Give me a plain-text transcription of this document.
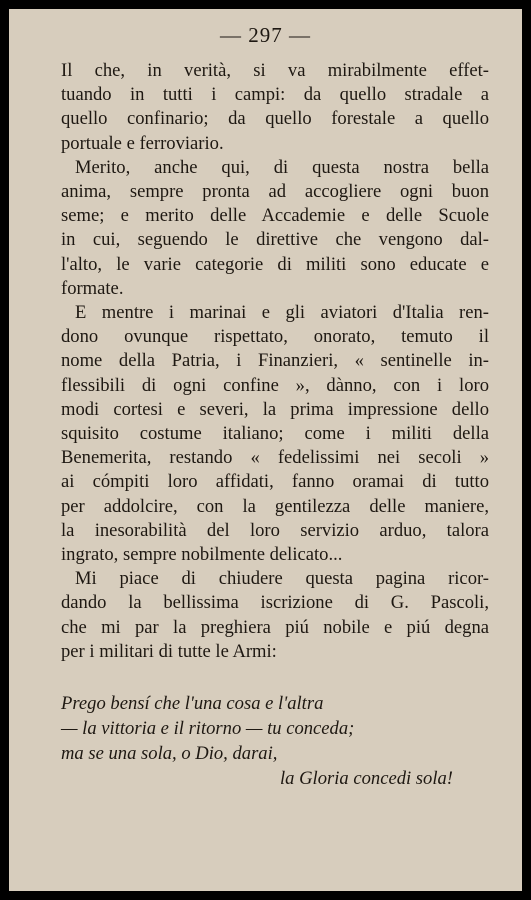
— 297 —
Il che, in verità, si va mirabilmente effet-
tuando in tutti i campi: da quello stradale a
quello confinario; da quello forestale a quello
portuale e ferroviario.
Merito, anche qui, di questa nostra bella
anima, sempre pronta ad accogliere ogni buon
seme; e merito delle Accademie e delle Scuole
in cui, seguendo le direttive che vengono dal-
l'alto, le varie categorie di militi sono educate e
formate.
E mentre i marinai e gli aviatori d'Italia ren-
dono ovunque rispettato, onorato, temuto il
nome della Patria, i Finanzieri, « sentinelle in-
flessibili di ogni confine », dànno, con i loro
modi cortesi e severi, la prima impressione dello
squisito costume italiano; come i militi della
Benemerita, restando « fedelissimi nei secoli »
ai cómpiti loro affidati, fanno oramai di tutto
per addolcire, con la gentilezza delle maniere,
la inesorabilità del loro servizio arduo, talora
ingrato, sempre nobilmente delicato...
Mi piace di chiudere questa pagina ricor-
dando la bellissima iscrizione di G. Pascoli,
che mi par la preghiera piú nobile e piú degna
per i militari di tutte le Armi:
Prego bensí che l'una cosa e l'altra
— la vittoria e il ritorno — tu conceda;
ma se una sola, o Dio, darai,
la Gloria concedi sola!
